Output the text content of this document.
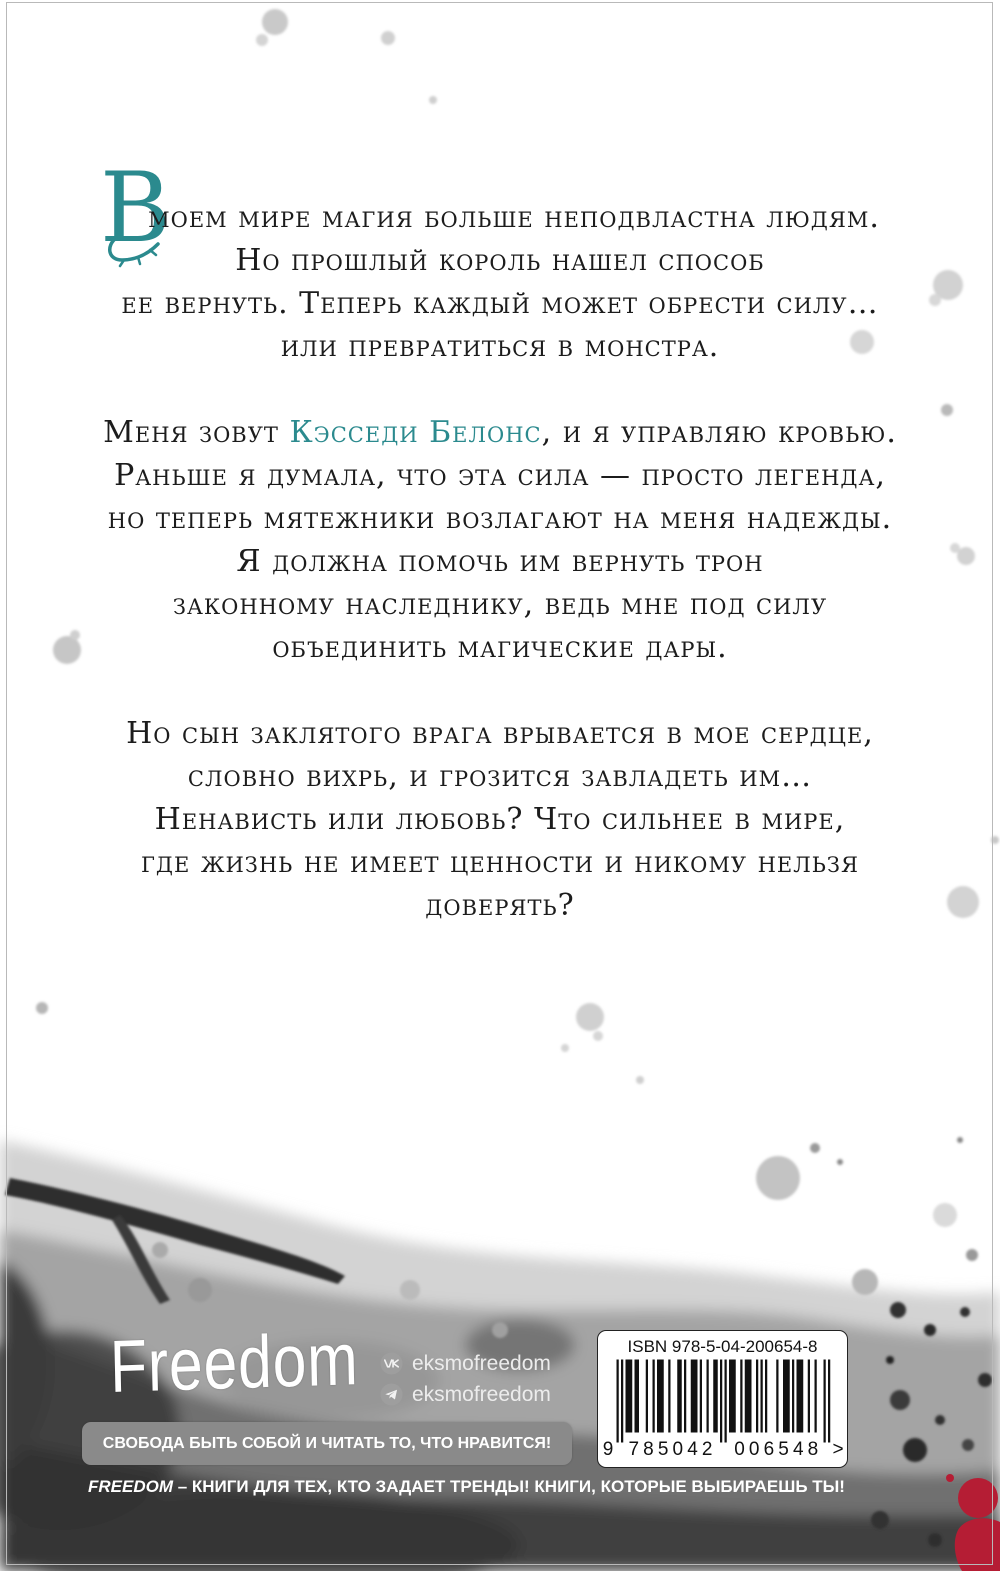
В
моем мире магия больше неподвластна людям.
Но прошлый король нашел способ
ее вернуть. Теперь каждый может обрести силу…
или превратиться в монстра.
Меня зовут Кэсседи Белонс, и я управляю кровью.
Раньше я думала, что эта сила — просто легенда,
но теперь мятежники возлагают на меня надежды.
Я должна помочь им вернуть трон
законному наследнику, ведь мне под силу
объединить магические дары.
Но сын заклятого врага врывается в мое сердце,
словно вихрь, и грозится завладеть им…
Ненависть или любовь? Что сильнее в мире,
где жизнь не имеет ценности и никому нельзя
доверять?
Freedom	eksmofreedom
eksmofreedom
СВОБОДА БЫТЬ СОБОЙ И ЧИТАТЬ ТО, ЧТО НРАВИТСЯ!
FREEDOM – КНИГИ ДЛЯ ТЕХ, КТО ЗАДАЕТ ТРЕНДЫ! КНИГИ, КОТОРЫЕ ВЫБИРАЕШЬ ТЫ!
ISBN 978-5-04-200654-8
9 785042 006548 >
